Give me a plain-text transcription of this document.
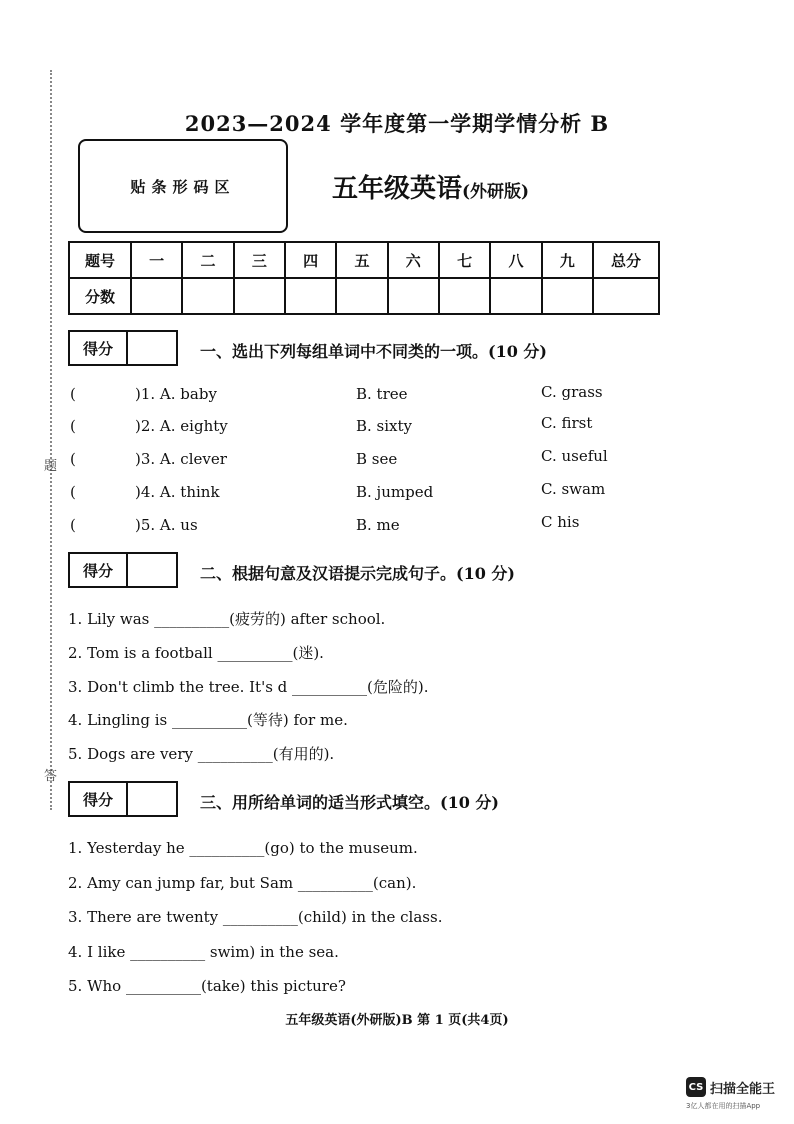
题
答
2023—2024 学年度第一学期学情分析 B
贴条形码区	五年级英语(外研版)
题号	一	二	三	四	五	六	七	八	九	总分
分数										
得分	一、选出下列每组单词中不同类的一项。(10 分)
(	)1. A. baby	B. tree	C. grass
(	)2. A. eighty	B. sixty	C. first
(	)3. A. clever	B see	C. useful
(	)4. A. think	B. jumped	C. swam
(	)5. A. us	B. me	C his
得分	二、根据句意及汉语提示完成句子。(10 分)
1. Lily was __________(疲劳的) after school.
2. Tom is a football __________(迷).
3. Don't climb the tree. It's d __________(危险的).
4. Lingling is __________(等待) for me.
5. Dogs are very __________(有用的).
得分	三、用所给单词的适当形式填空。(10 分)
1. Yesterday he __________(go) to the museum.
2. Amy can jump far, but Sam __________(can).
3. There are twenty __________(child) in the class.
4. I like __________ swim) in the sea.
5. Who __________(take) this picture?
五年级英语(外研版)B 第 1 页(共4页)
CS 扫描全能王
3亿人都在用的扫描App
